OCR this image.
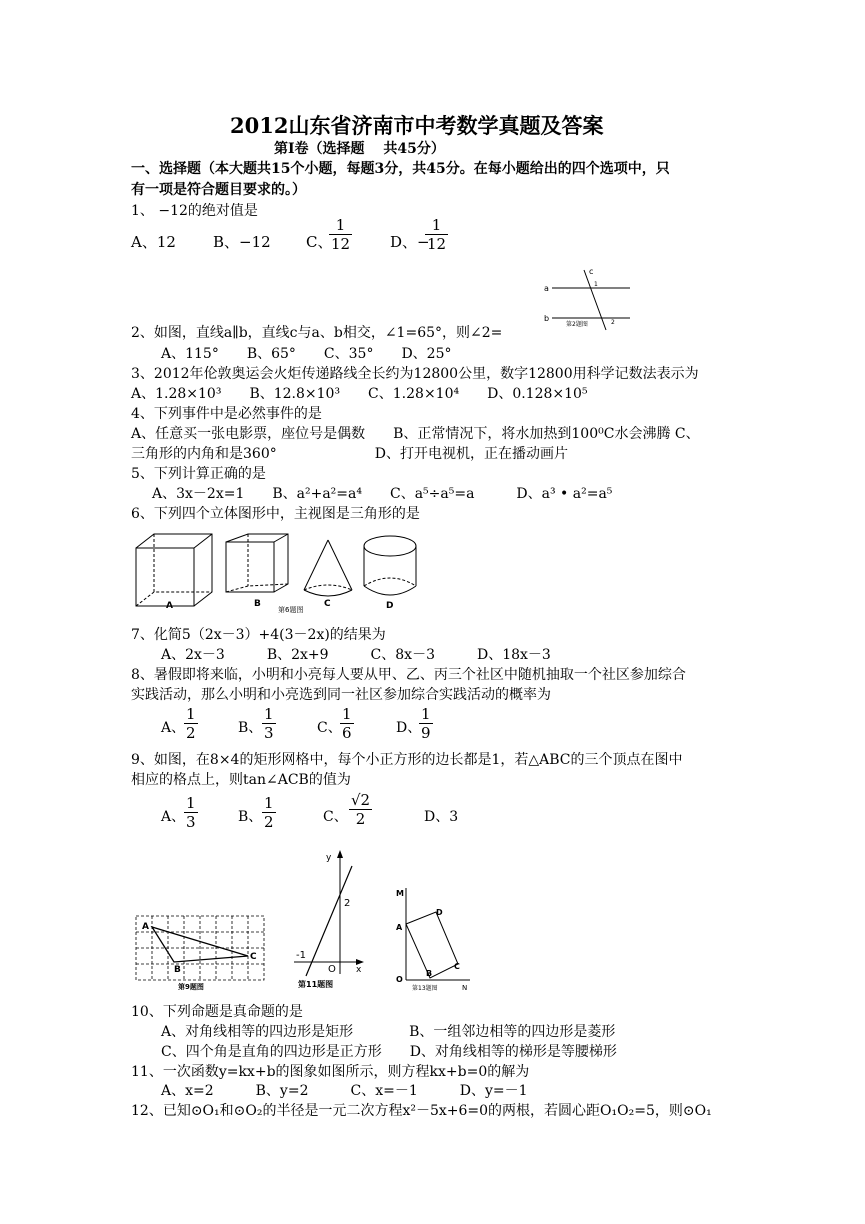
2012山东省济南市中考数学真题及答案
第Ⅰ卷（选择题　 共45分）
一、选择题（本大题共15个小题，每题3分，共45分。在每小题给出的四个选项中，只
有一项是符合题目要求的。）
1、 −12的绝对值是
A、12 B、−12 C、
$\frac{1}{12}$	D、−
$\frac{1}{12}$
a
b
c
1
2
第2题图
2、如图，直线a∥b，直线c与a、b相交，∠1=65°，则∠2=
A、115°　　B、65°　　C、35°　　D、25°
3、2012年伦敦奥运会火炬传递路线全长约为12800公里，数字12800用科学记数法表示为
A、1.28×10³　　B、12.8×10³　　C、1.28×10⁴　　D、0.128×10⁵
4、下列事件中是必然事件的是
A、任意买一张电影票，座位号是偶数　　B、正常情况下，将水加热到100⁰C水会沸腾 C、
三角形的内角和是360°　　　　　　　D、打开电视机，正在播动画片
5、下列计算正确的是
A、3x－2x=1　　B、a²+a²=a⁴　　C、a⁵÷a⁵=a　　　D、a³ • a²=a⁵
6、下列四个立体图形中，主视图是三角形的是
A	B	C	D
第6题图
7、化简5（2x－3）+4(3－2x)的结果为
A、2x－3　　　B、2x+9　　　C、8x－3　　　D、18x－3
8、暑假即将来临，小明和小亮每人要从甲、乙、丙三个社区中随机抽取一个社区参加综合
实践活动，那么小明和小亮选到同一社区参加综合实践活动的概率为
A、
$\frac{1}{2}$	B、 $\frac{1}{3}$	C、
$\frac{1}{6}$	D、
$\frac{1}{9}$
9、如图，在8×4的矩形网格中，每个小正方形的边长都是1，若△ABC的三个顶点在图中
相应的格点上，则tan∠ACB的值为
A、
$\frac{1}{3}$	B、 $\frac{1}{2}$	C、 $\frac{√2}{2}$	D、3
A
B
C
第9题图
y
x
2
-1
O
第11题图
M
A
D
B
C
O
N
第13题图
10、下列命题是真命题的是
A、对角线相等的四边形是矩形　　　　B、一组邻边相等的四边形是菱形
C、四个角是直角的四边形是正方形　　D、对角线相等的梯形是等腰梯形
11、一次函数y=kx+b的图象如图所示，则方程kx+b=0的解为
A、x=2　　　B、y=2　　　C、x=－1　　　D、y=－1
12、已知⊙O₁和⊙O₂的半径是一元二次方程x²－5x+6=0的两根，若圆心距O₁O₂=5，则⊙O₁
